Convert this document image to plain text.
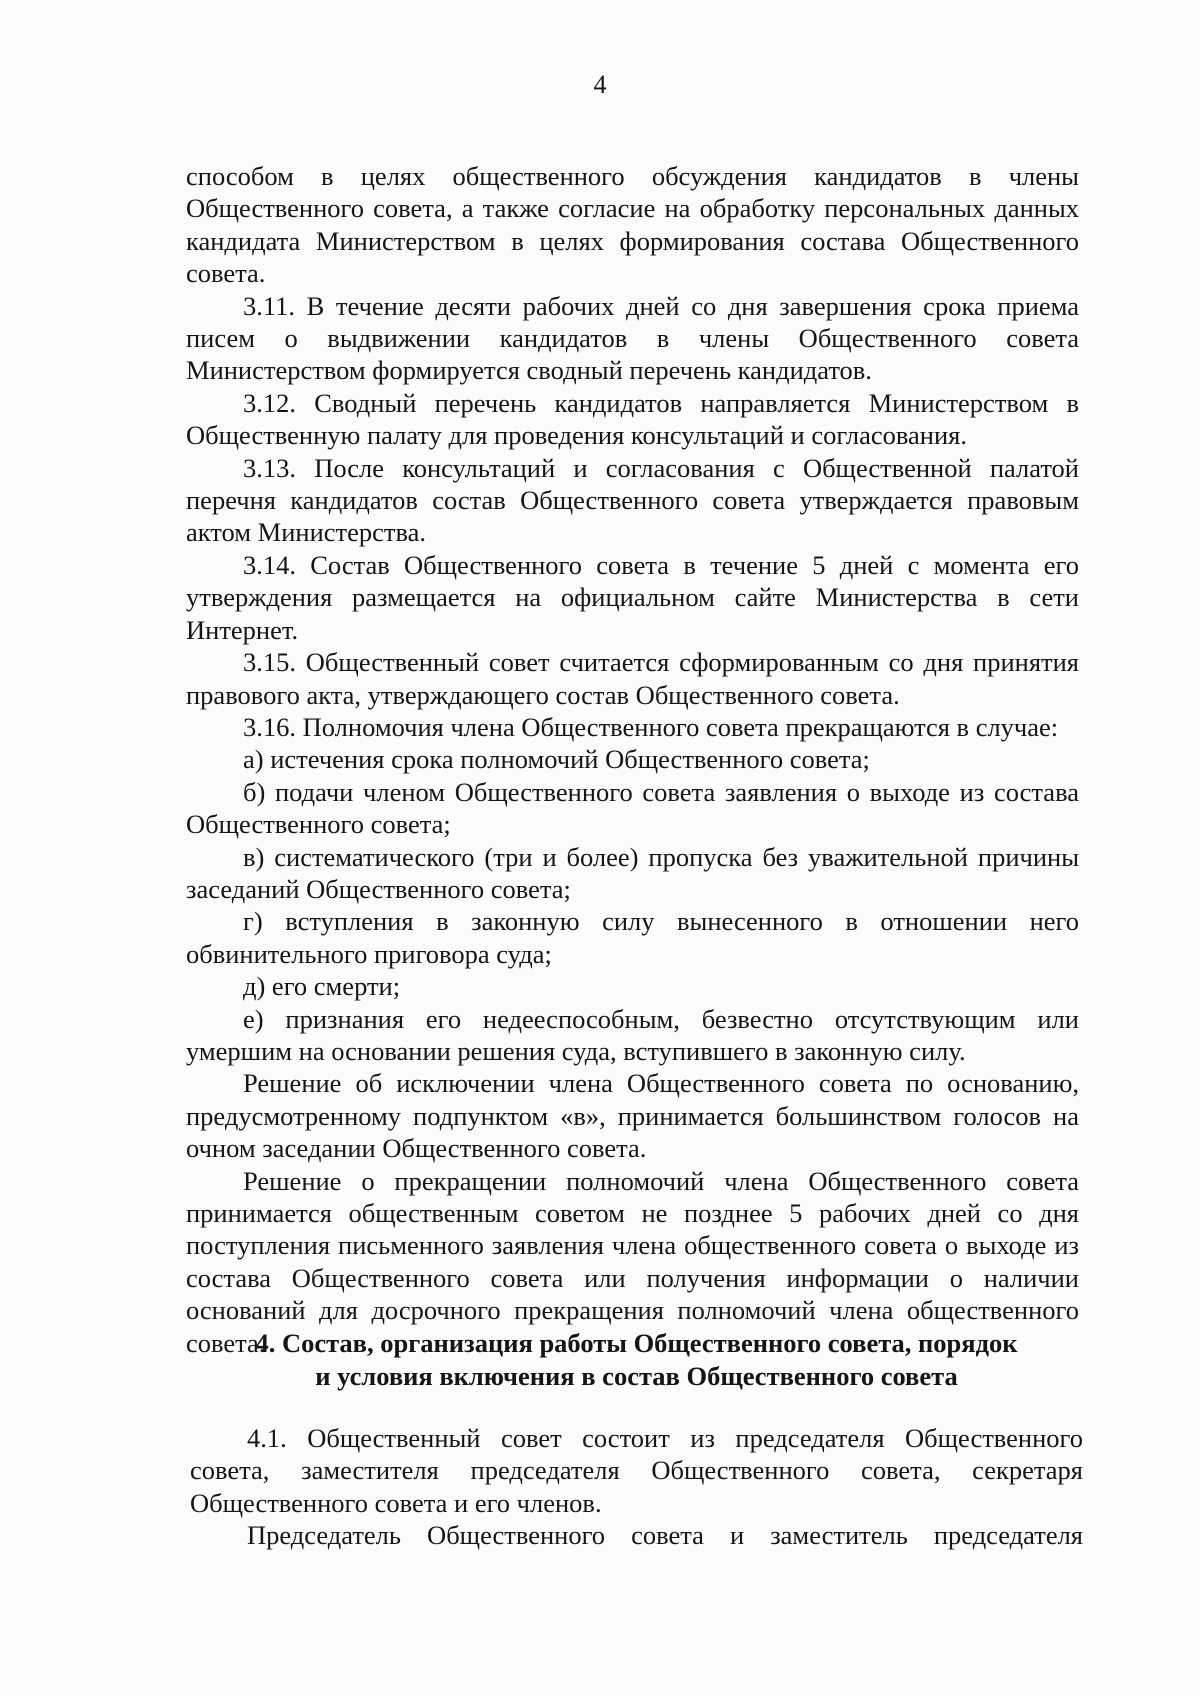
4

способом в целях общественного обсуждения кандидатов в члены Общественного совета, а также согласие на обработку персональных данных кандидата Министерством в целях формирования состава Общественного совета.

3.11. В течение десяти рабочих дней со дня завершения срока приема писем о выдвижении кандидатов в члены Общественного совета Министерством формируется сводный перечень кандидатов.

3.12. Сводный перечень кандидатов направляется Министерством в Общественную палату для проведения консультаций и согласования.

3.13. После консультаций и согласования с Общественной палатой перечня кандидатов состав Общественного совета утверждается правовым актом Министерства.

3.14. Состав Общественного совета в течение 5 дней с момента его утверждения размещается на официальном сайте Министерства в сети Интернет.

3.15. Общественный совет считается сформированным со дня принятия правового акта, утверждающего состав Общественного совета.

3.16. Полномочия члена Общественного совета прекращаются в случае:

а) истечения срока полномочий Общественного совета;

б) подачи членом Общественного совета заявления о выходе из состава Общественного совета;

в) систематического (три и более) пропуска без уважительной причины заседаний Общественного совета;

г) вступления в законную силу вынесенного в отношении него обвинительного приговора суда;

д) его смерти;

е) признания его недееспособным, безвестно отсутствующим или умершим на основании решения суда, вступившего в законную силу.

Решение об исключении члена Общественного совета по основанию, предусмотренному подпунктом «в», принимается большинством голосов на очном заседании Общественного совета.

Решение о прекращении полномочий члена Общественного совета принимается общественным советом не позднее 5 рабочих дней со дня поступления письменного заявления члена общественного совета о выходе из состава Общественного совета или получения информации о наличии оснований для досрочного прекращения полномочий члена общественного совета.

4. Состав, организация работы Общественного совета, порядок
и условия включения в состав Общественного совета

4.1. Общественный совет состоит из председателя Общественного совета, заместителя председателя Общественного совета, секретаря Общественного совета и его членов.

Председатель Общественного совета и заместитель председателя
